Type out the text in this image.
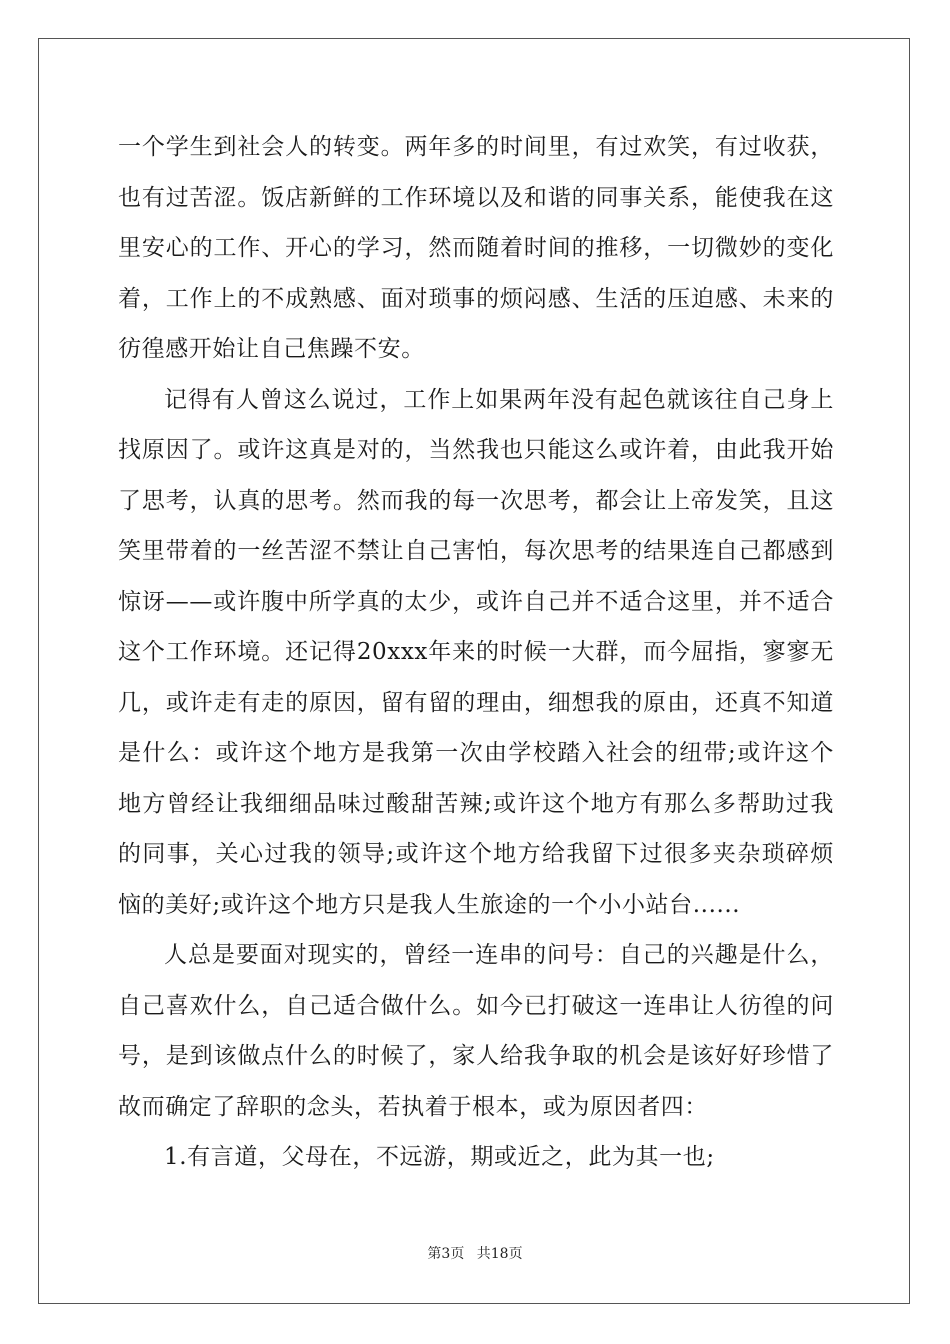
一个学生到社会人的转变。两年多的时间里，有过欢笑，有过收获，也有过苦涩。饭店新鲜的工作环境以及和谐的同事关系，能使我在这里安心的工作、开心的学习，然而随着时间的推移，一切微妙的变化着，工作上的不成熟感、面对琐事的烦闷感、生活的压迫感、未来的彷徨感开始让自己焦躁不安。

记得有人曾这么说过，工作上如果两年没有起色就该往自己身上找原因了。或许这真是对的，当然我也只能这么或许着，由此我开始了思考，认真的思考。然而我的每一次思考，都会让上帝发笑，且这笑里带着的一丝苦涩不禁让自己害怕，每次思考的结果连自己都感到惊讶——或许腹中所学真的太少，或许自己并不适合这里，并不适合这个工作环境。还记得20xxx年来的时候一大群，而今屈指，寥寥无几，或许走有走的原因，留有留的理由，细想我的原由，还真不知道是什么：或许这个地方是我第一次由学校踏入社会的纽带;或许这个地方曾经让我细细品味过酸甜苦辣;或许这个地方有那么多帮助过我的同事，关心过我的领导;或许这个地方给我留下过很多夹杂琐碎烦恼的美好;或许这个地方只是我人生旅途的一个小小站台......

人总是要面对现实的，曾经一连串的问号：自己的兴趣是什么，自己喜欢什么，自己适合做什么。如今已打破这一连串让人彷徨的问号，是到该做点什么的时候了，家人给我争取的机会是该好好珍惜了故而确定了辞职的念头，若执着于根本，或为原因者四：

1.有言道，父母在，不远游，期或近之，此为其一也;

第3页 共18页
